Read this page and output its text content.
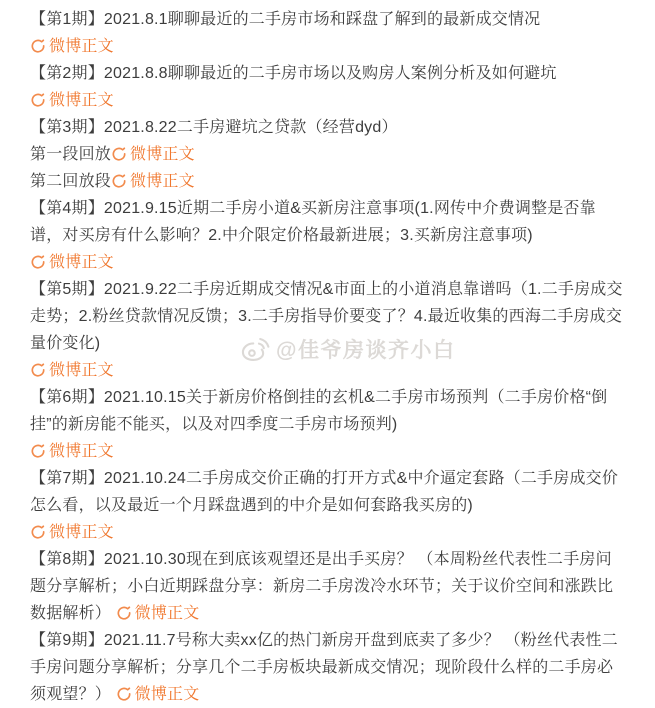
【第1期】2021.8.1聊聊最近的二手房市场和踩盘了解到的最新成交情况

微博正文

【第2期】2021.8.8聊聊最近的二手房市场以及购房人案例分析及如何避坑

微博正文

【第3期】2021.8.22二手房避坑之贷款（经营dyd）

第一段回放 微博正文

第二回放段 微博正文

【第4期】2021.9.15近期二手房小道&买新房注意事项(1.网传中介费调整是否靠谱，对买房有什么影响？2.中介限定价格最新进展；3.买新房注意事项)

微博正文

【第5期】2021.9.22二手房近期成交情况&市面上的小道消息靠谱吗（1.二手房成交走势；2.粉丝贷款情况反馈；3.二手房指导价要变了？4.最近收集的西海二手房成交量价变化)

微博正文

【第6期】2021.10.15关于新房价格倒挂的玄机&二手房市场预判（二手房价格“倒挂”的新房能不能买，以及对四季度二手房市场预判)

微博正文

【第7期】2021.10.24二手房成交价正确的打开方式&中介逼定套路（二手房成交价怎么看，以及最近一个月踩盘遇到的中介是如何套路我买房的)

微博正文

【第8期】2021.10.30现在到底该观望还是出手买房？ （本周粉丝代表性二手房问题分享解析；小白近期踩盘分享：新房二手房泼冷水环节；关于议价空间和涨跌比数据解析） 微博正文

【第9期】2021.11.7号称大卖xx亿的热门新房开盘到底卖了多少？ （粉丝代表性二手房问题分享解析；分享几个二手房板块最新成交情况；现阶段什么样的二手房必须观望？） 微博正文

@佳爷房谈齐小白
